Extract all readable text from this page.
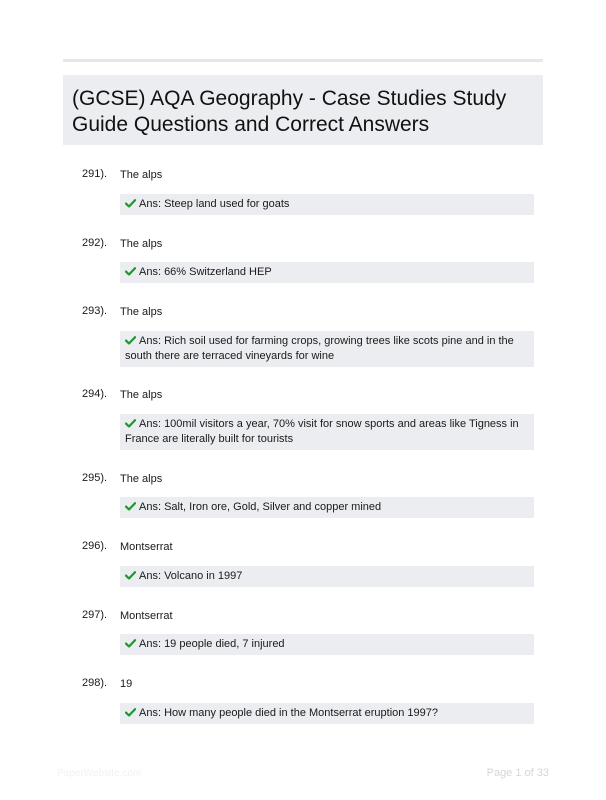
(GCSE) AQA Geography - Case Studies Study Guide Questions and Correct Answers
291). The alps
Ans: Steep land used for goats
292). The alps
Ans: 66% Switzerland HEP
293). The alps
Ans: Rich soil used for farming crops, growing trees like scots pine and in the south there are terraced vineyards for wine
294). The alps
Ans: 100mil visitors a year, 70% visit for snow sports and areas like Tigness in France are literally built for tourists
295). The alps
Ans: Salt, Iron ore, Gold, Silver and copper mined
296). Montserrat
Ans: Volcano in 1997
297). Montserrat
Ans: 19 people died, 7 injured
298). 19
Ans: How many people died in the Montserrat eruption 1997?
PaperWebsite.com	Page 1 of 33
